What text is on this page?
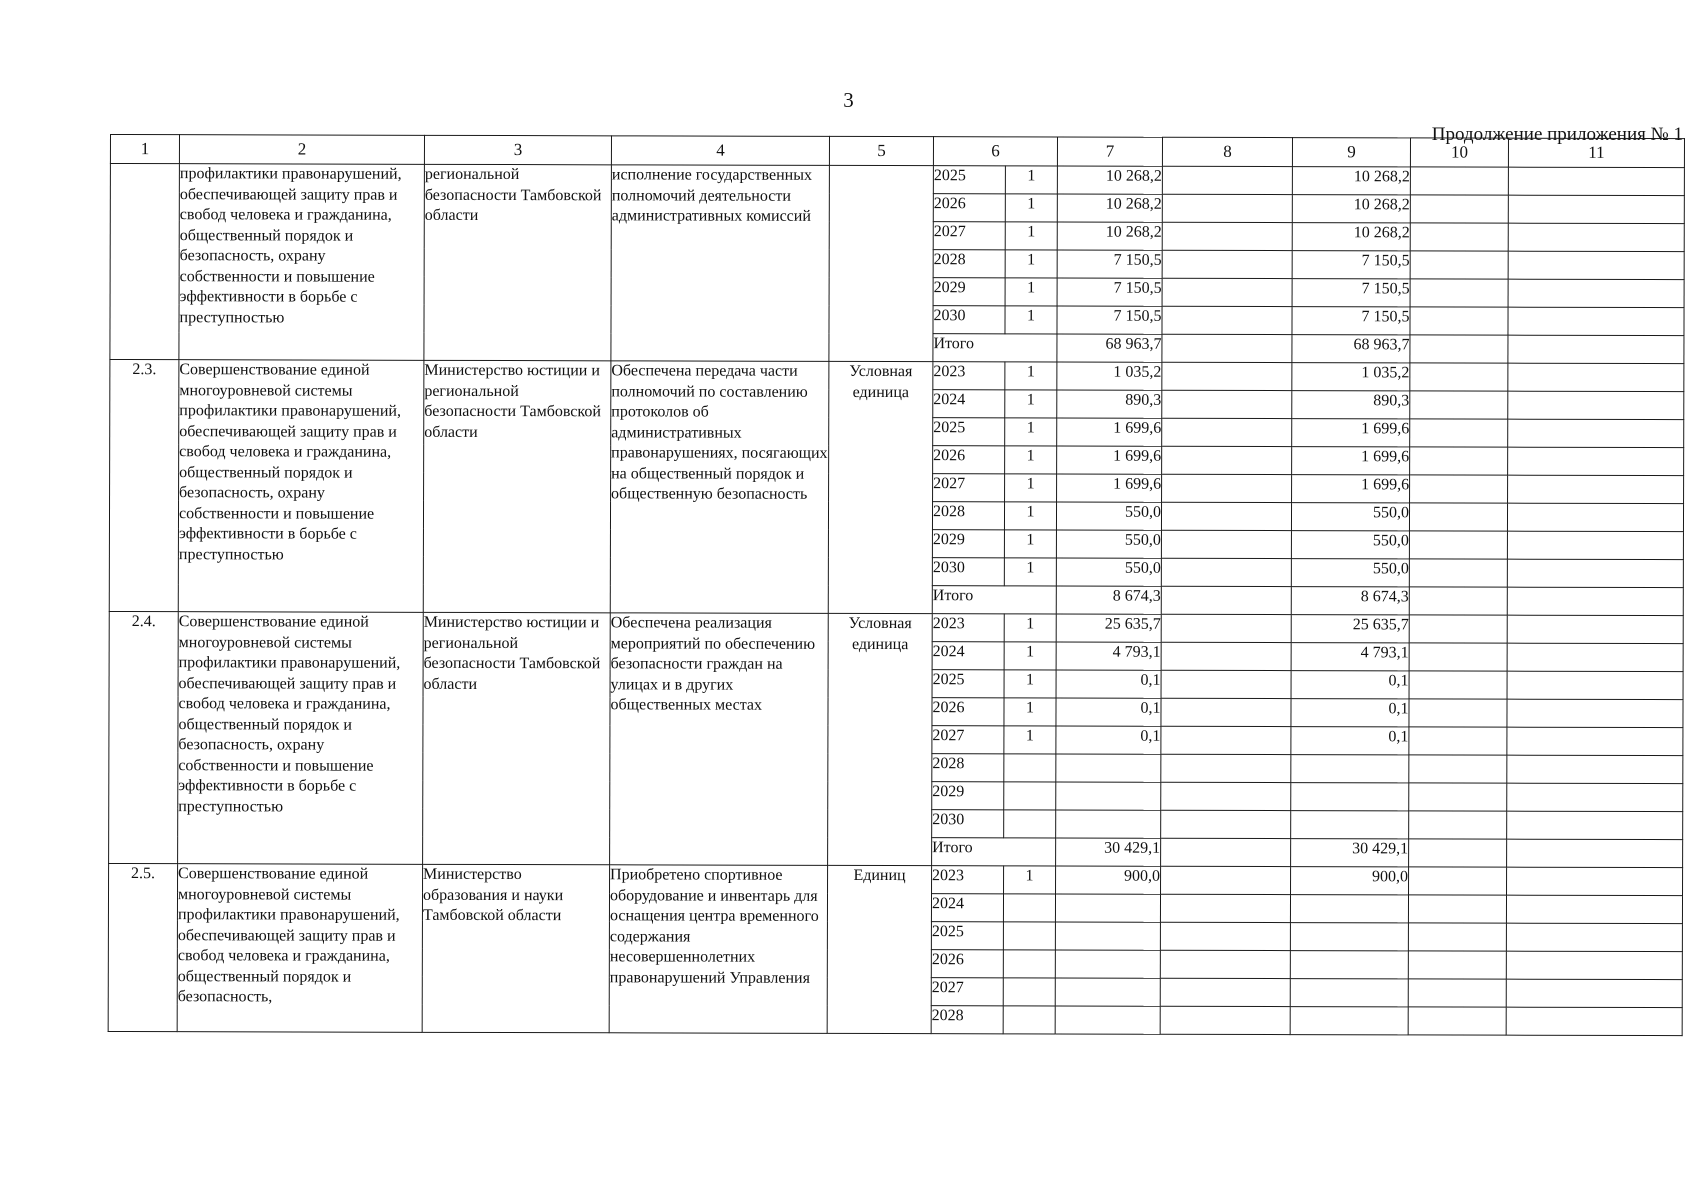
3
Продолжение приложения № 1
1	2	3	4	5	6		7	8	9	10	11
	профилактики правонарушений, обеспечивающей защиту прав и свобод человека и гражданина, общественный порядок и безопасность, охрану собственности и повышение эффективности в борьбе с преступностью	региональной безопасности Тамбовской области	исполнение государственных полномочий деятельности административных комиссий		2025	1	10 268,2		10 268,2		
					2026	1	10 268,2		10 268,2		
					2027	1	10 268,2		10 268,2		
					2028	1	7 150,5		7 150,5		
					2029	1	7 150,5		7 150,5		
					2030	1	7 150,5		7 150,5		
					Итого		68 963,7		68 963,7		
2.3.	Совершенствование единой многоуровневой системы профилактики правонарушений, обеспечивающей защиту прав и свобод человека и гражданина, общественный порядок и безопасность, охрану собственности и повышение эффективности в борьбе с преступностью	Министерство юстиции и региональной безопасности Тамбовской области	Обеспечена передача части полномочий по составлению протоколов об административных правонарушениях, посягающих на общественный порядок и общественную безопасность	Условная единица	2023	1	1 035,2		1 035,2		
					2024	1	890,3		890,3		
					2025	1	1 699,6		1 699,6		
					2026	1	1 699,6		1 699,6		
					2027	1	1 699,6		1 699,6		
					2028	1	550,0		550,0		
					2029	1	550,0		550,0		
					2030	1	550,0		550,0		
					Итого		8 674,3		8 674,3		
2.4.	Совершенствование единой многоуровневой системы профилактики правонарушений, обеспечивающей защиту прав и свобод человека и гражданина, общественный порядок и безопасность, охрану собственности и повышение эффективности в борьбе с преступностью	Министерство юстиции и региональной безопасности Тамбовской области	Обеспечена реализация мероприятий по обеспечению безопасности граждан на улицах и в других общественных местах	Условная единица	2023	1	25 635,7		25 635,7		
					2024	1	4 793,1		4 793,1		
					2025	1	0,1		0,1		
					2026	1	0,1		0,1		
					2027	1	0,1		0,1		
					2028						
					2029						
					2030						
					Итого		30 429,1		30 429,1		
2.5.	Совершенствование единой многоуровневой системы профилактики правонарушений, обеспечивающей защиту прав и свобод человека и гражданина, общественный порядок и безопасность,	Министерство образования и науки Тамбовской области	Приобретено спортивное оборудование и инвентарь для оснащения центра временного содержания несовершеннолетних правонарушений Управления	Единиц	2023	1	900,0		900,0		
					2024						
					2025						
					2026						
					2027						
					2028						
